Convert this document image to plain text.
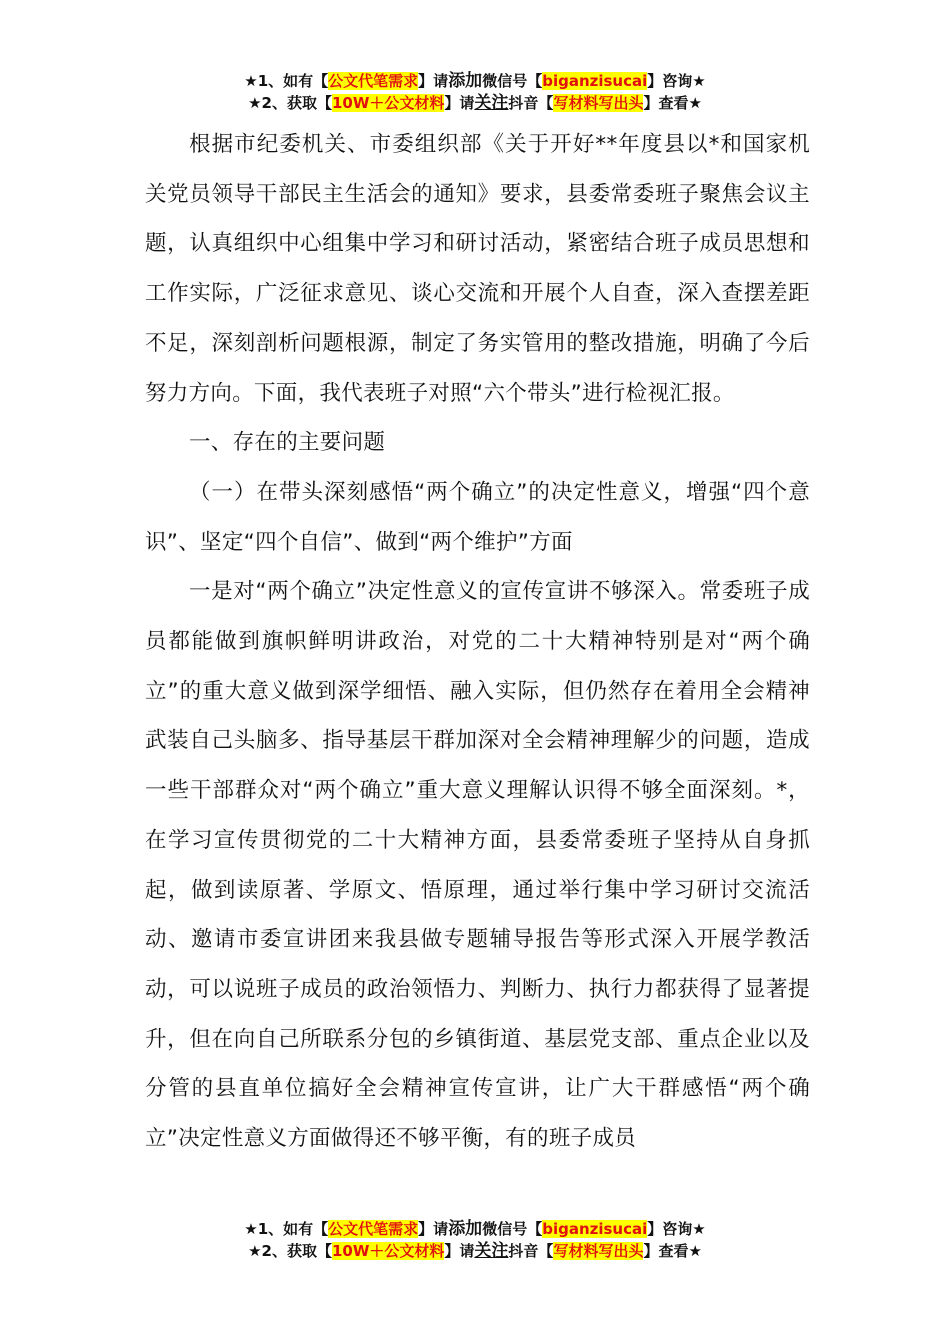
★1、如有【公文代笔需求】请添加微信号【biganzisucai】咨询★
★2、获取【10W＋公文材料】请关注抖音【写材料写出头】查看★

根据市纪委机关、市委组织部《关于开好**年度县以*和国家机关党员领导干部民主生活会的通知》要求，县委常委班子聚焦会议主题，认真组织中心组集中学习和研讨活动，紧密结合班子成员思想和工作实际，广泛征求意见、谈心交流和开展个人自查，深入查摆差距不足，深刻剖析问题根源，制定了务实管用的整改措施，明确了今后努力方向。下面，我代表班子对照“六个带头”进行检视汇报。

一、存在的主要问题

（一）在带头深刻感悟“两个确立”的决定性意义，增强“四个意识”、坚定“四个自信”、做到“两个维护”方面

一是对“两个确立”决定性意义的宣传宣讲不够深入。常委班子成员都能做到旗帜鲜明讲政治，对党的二十大精神特别是对“两个确立”的重大意义做到深学细悟、融入实际，但仍然存在着用全会精神武装自己头脑多、指导基层干群加深对全会精神理解少的问题，造成一些干部群众对“两个确立”重大意义理解认识得不够全面深刻。*，在学习宣传贯彻党的二十大精神方面，县委常委班子坚持从自身抓起，做到读原著、学原文、悟原理，通过举行集中学习研讨交流活动、邀请市委宣讲团来我县做专题辅导报告等形式深入开展学教活动，可以说班子成员的政治领悟力、判断力、执行力都获得了显著提升，但在向自己所联系分包的乡镇街道、基层党支部、重点企业以及分管的县直单位搞好全会精神宣传宣讲，让广大干群感悟“两个确立”决定性意义方面做得还不够平衡，有的班子成员

★1、如有【公文代笔需求】请添加微信号【biganzisucai】咨询★
★2、获取【10W＋公文材料】请关注抖音【写材料写出头】查看★
